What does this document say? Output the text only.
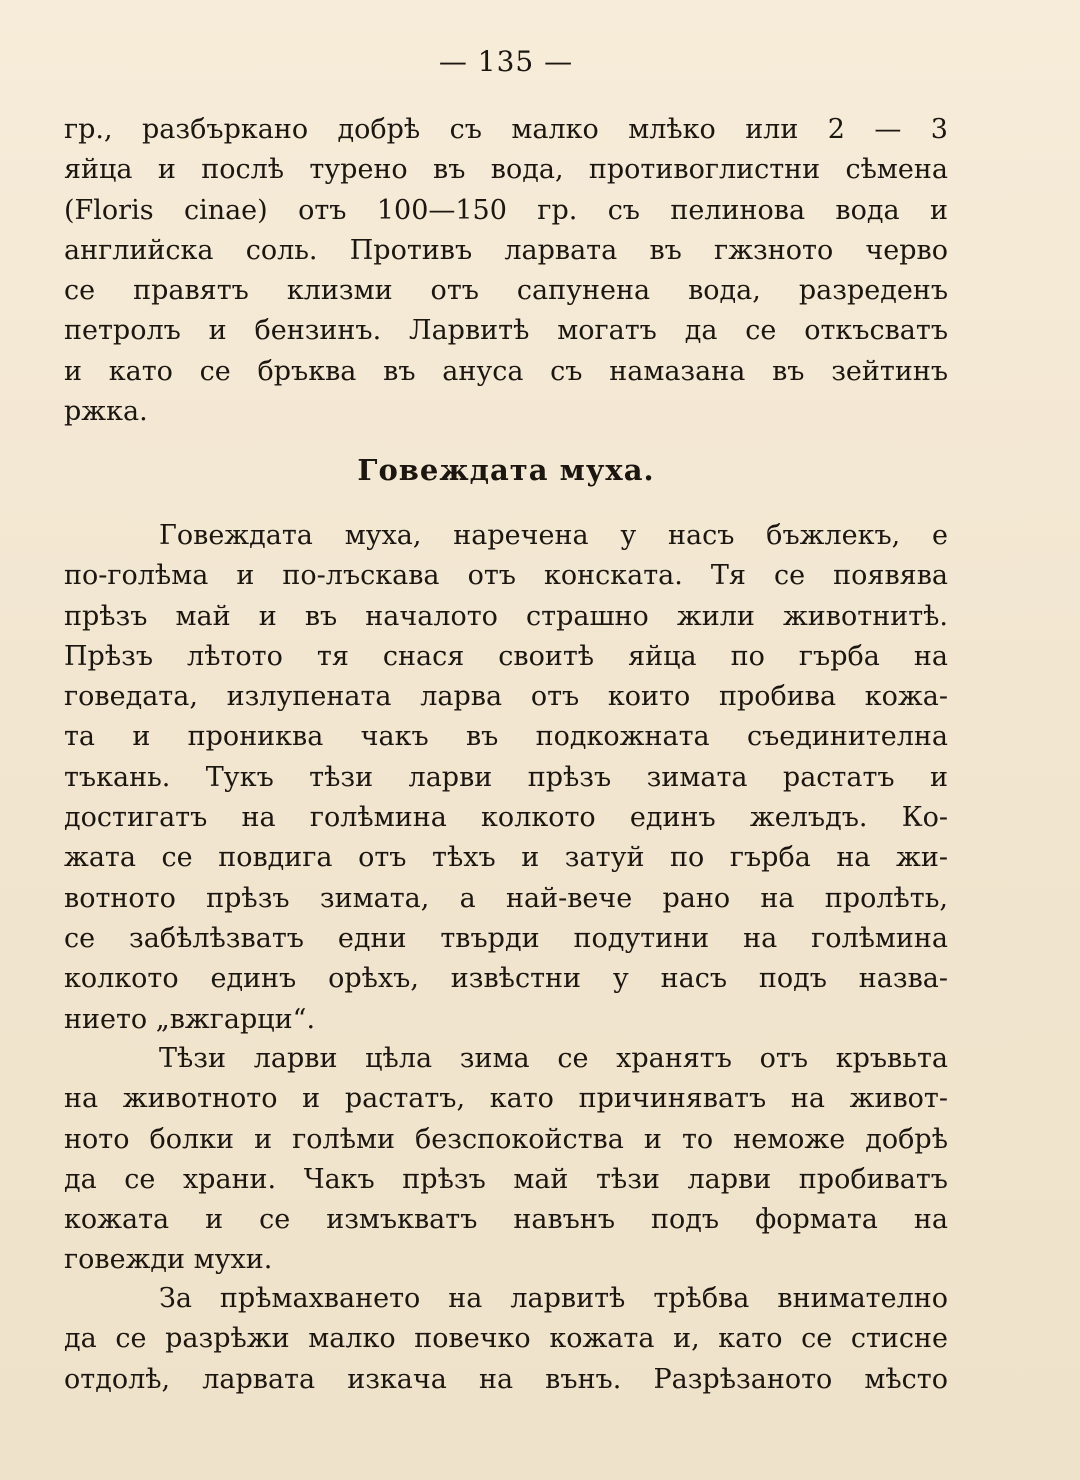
— 135 —
гр., разбъркано добрѣ съ малко млѣко или 2 — 3
яйца и послѣ турено въ вода, противоглистни сѣмена
(Floris cinae) отъ 100—150 гр. съ пелинова вода и
английска соль. Противъ ларвата въ гжзното черво
се правятъ клизми отъ сапунена вода, разреденъ
петролъ и бензинъ. Ларвитѣ могатъ да се откъсватъ
и като се бръква въ ануса съ намазана въ зейтинъ
ржка.
Говеждата муха.
Говеждата муха, наречена у насъ бъжлекъ, е
по-голѣма и по-лъскава отъ конската. Тя се появява
прѣзъ май и въ началото страшно жили животнитѣ.
Прѣзъ лѣтото тя снася своитѣ яйца по гърба на
говедата, излупената ларва отъ които пробива кожа-
та и прониква чакъ въ подкожната съединителна
тъкань. Тукъ тѣзи ларви прѣзъ зимата растатъ и
достигатъ на голѣмина колкото единъ желъдъ. Ко-
жата се повдига отъ тѣхъ и затуй по гърба на жи-
вотното прѣзъ зимата, а най-вече рано на пролѣть,
се забѣлѣзватъ едни твърди подутини на голѣмина
колкото единъ орѣхъ, извѣстни у насъ подъ назва-
нието „вжгарци“.
Тѣзи ларви цѣла зима се хранятъ отъ кръвьта
на животното и растатъ, като причиняватъ на живот-
ното болки и голѣми безспокойства и то неможе добрѣ
да се храни. Чакъ прѣзъ май тѣзи ларви пробиватъ
кожата и се измъкватъ навънъ подъ формата на
говежди мухи.
За прѣмахването на ларвитѣ трѣбва внимателно
да се разрѣжи малко повечко кожата и, като се стисне
отдолѣ, ларвата изкача на вънъ. Разрѣзаното мѣсто
